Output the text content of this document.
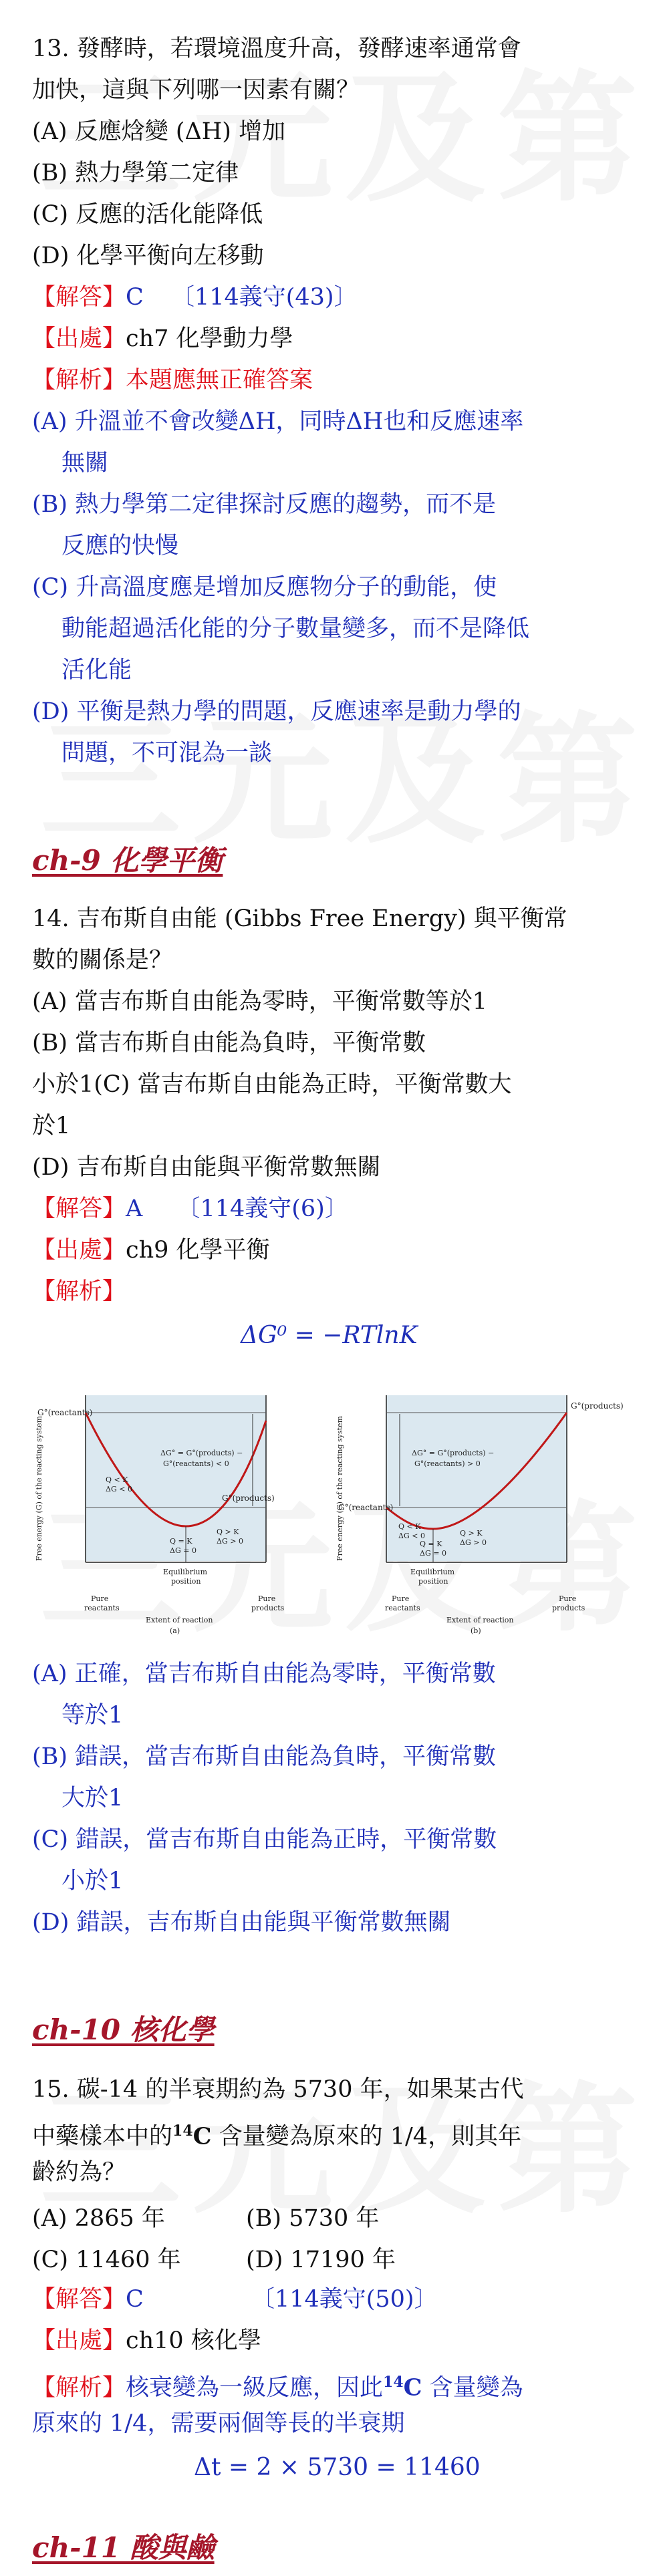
13. 發酵時，若環境溫度升高，發酵速率通常會
加快，這與下列哪一因素有關？
(A) 反應焓變 (ΔH) 增加
(B) 熱力學第二定律
(C) 反應的活化能降低
(D) 化學平衡向左移動
【解答】C 〔114義守(43)〕
【出處】ch7 化學動力學
【解析】本題應無正確答案
(A) 升溫並不會改變ΔH，同時ΔH也和反應速率
無關
(B) 熱力學第二定律探討反應的趨勢，而不是
反應的快慢
(C) 升高溫度應是增加反應物分子的動能，使
動能超過活化能的分子數量變多，而不是降低
活化能
(D) 平衡是熱力學的問題，反應速率是動力學的
問題，不可混為一談
ch-9 化學平衡
14. 吉布斯自由能 (Gibbs Free Energy) 與平衡常
數的關係是？
(A) 當吉布斯自由能為零時，平衡常數等於1
(B) 當吉布斯自由能為負時，平衡常數
小於1(C) 當吉布斯自由能為正時，平衡常數大
於1
(D) 吉布斯自由能與平衡常數無關
【解答】A 〔114義守(6)〕
【出處】ch9 化學平衡
【解析】
ΔG⁰ = −RTlnK
Free energy (G) of the reacting system
G°(reactants)
G°(products)
ΔG° = G°(products) −
G°(reactants) < 0
Q < K
ΔG < 0
Q = K
ΔG = 0
Q > K
ΔG > 0
Equilibrium
position
Pure
reactants
Pure
products
Extent of reaction
(a)
Free energy (G) of the reacting system
G°(reactants)
G°(products)
ΔG° = G°(products) −
G°(reactants) > 0
Q < K
ΔG < 0
Q = K
ΔG = 0
Q > K
ΔG > 0
Equilibrium
position
Pure
reactants
Pure
products
Extent of reaction
(b)
(A) 正確，當吉布斯自由能為零時，平衡常數
等於1
(B) 錯誤，當吉布斯自由能為負時，平衡常數
大於1
(C) 錯誤，當吉布斯自由能為正時，平衡常數
小於1
(D) 錯誤，吉布斯自由能與平衡常數無關
ch-10 核化學
15. 碳-14 的半衰期約為 5730 年，如果某古代
中藥樣本中的$^{14}$C 含量變為原來的 1/4，則其年
齡約為？
(A) 2865 年	(B) 5730 年
(C) 11460 年	(D) 17190 年
【解答】C	〔114義守(50)〕
【出處】ch10 核化學
【解析】核衰變為一級反應，因此$^{14}$C 含量變為
原來的 1/4，需要兩個等長的半衰期
Δt = 2 × 5730 = 11460
ch-11 酸與鹼
